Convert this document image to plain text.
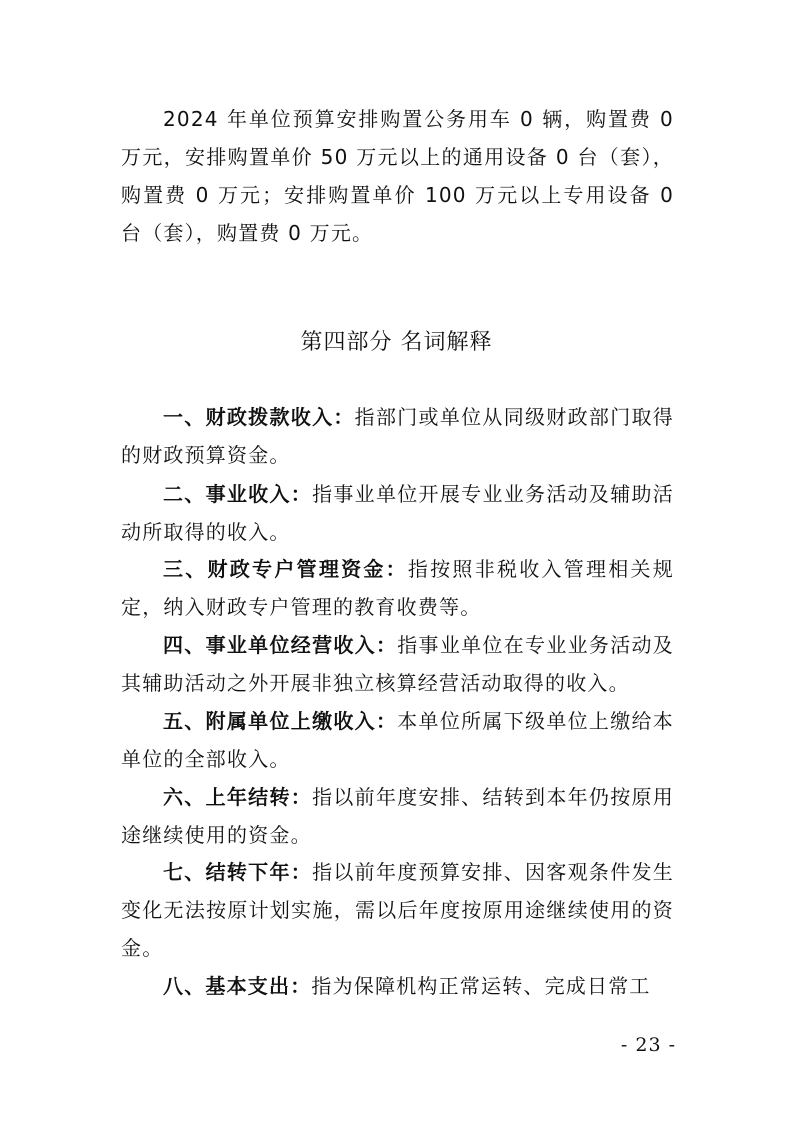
2024 年单位预算安排购置公务用车 0 辆，购置费 0 万元，安排购置单价 50 万元以上的通用设备 0 台（套），购置费 0 万元；安排购置单价 100 万元以上专用设备 0 台（套），购置费 0 万元。

第四部分 名词解释

一、财政拨款收入：指部门或单位从同级财政部门取得的财政预算资金。

二、事业收入：指事业单位开展专业业务活动及辅助活动所取得的收入。

三、财政专户管理资金：指按照非税收入管理相关规定，纳入财政专户管理的教育收费等。

四、事业单位经营收入：指事业单位在专业业务活动及其辅助活动之外开展非独立核算经营活动取得的收入。

五、附属单位上缴收入：本单位所属下级单位上缴给本单位的全部收入。

六、上年结转：指以前年度安排、结转到本年仍按原用途继续使用的资金。

七、结转下年：指以前年度预算安排、因客观条件发生变化无法按原计划实施，需以后年度按原用途继续使用的资金。

八、基本支出：指为保障机构正常运转、完成日常工

- 23 -
